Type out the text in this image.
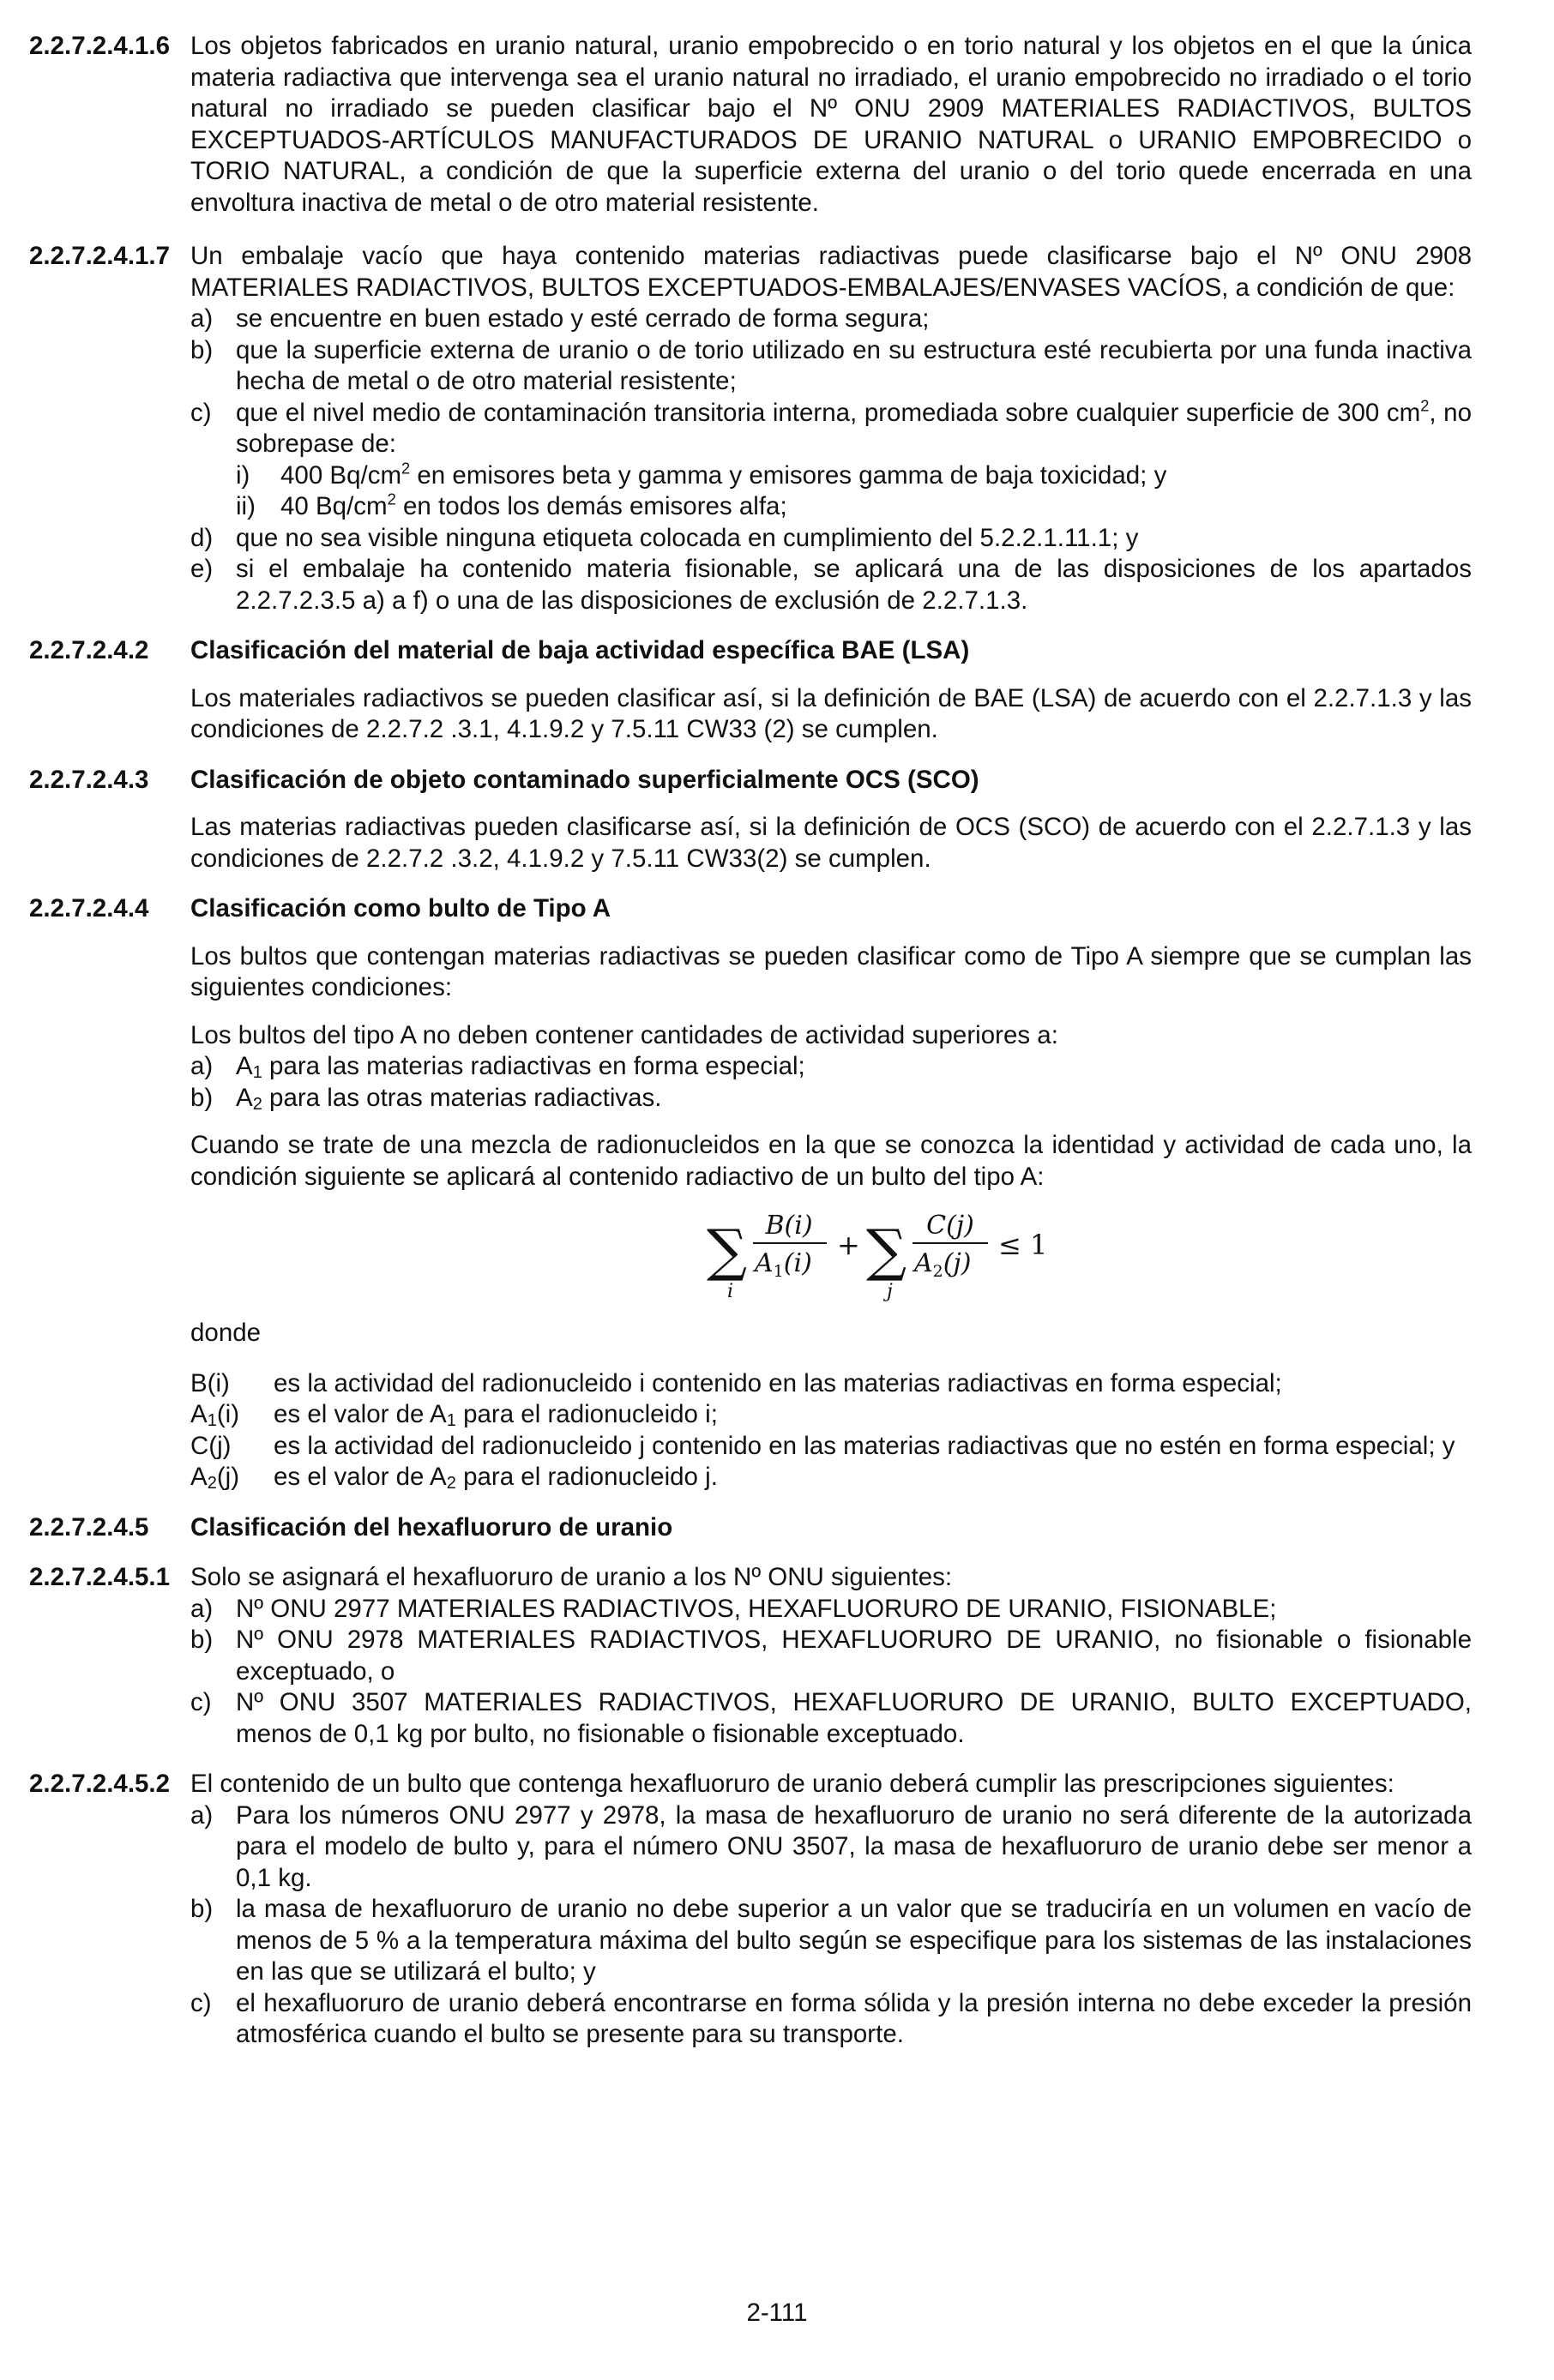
2.2.7.2.4.1.6 Los objetos fabricados en uranio natural, uranio empobrecido o en torio natural y los objetos en el que la única materia radiactiva que intervenga sea el uranio natural no irradiado, el uranio empobrecido no irradiado o el torio natural no irradiado se pueden clasificar bajo el Nº ONU 2909 MATERIALES RADIACTIVOS, BULTOS EXCEPTUADOS-ARTÍCULOS MANUFACTURADOS DE URANIO NATURAL o URANIO EMPOBRECIDO o TORIO NATURAL, a condición de que la superficie externa del uranio o del torio quede encerrada en una envoltura inactiva de metal o de otro material resistente.
2.2.7.2.4.1.7 Un embalaje vacío que haya contenido materias radiactivas puede clasificarse bajo el Nº ONU 2908 MATERIALES RADIACTIVOS, BULTOS EXCEPTUADOS-EMBALAJES/ENVASES VACÍOS, a condición de que:
a) se encuentre en buen estado y esté cerrado de forma segura;
b) que la superficie externa de uranio o de torio utilizado en su estructura esté recubierta por una funda inactiva hecha de metal o de otro material resistente;
c) que el nivel medio de contaminación transitoria interna, promediada sobre cualquier superficie de 300 $cm^2$, no sobrepase de:
i)	400 $Bq/cm^2$ en emisores beta y gamma y emisores gamma de baja toxicidad; y
ii) 40 $Bq/cm^2$ en todos los demás emisores alfa;
d) que no sea visible ninguna etiqueta colocada en cumplimiento del 5.2.2.1.11.1; y
e) si el embalaje ha contenido materia fisionable, se aplicará una de las disposiciones de los apartados 2.2.7.2.3.5 a) a f) o una de las disposiciones de exclusión de 2.2.7.1.3.
2.2.7.2.4.2	Clasificación del material de baja actividad específica BAE (LSA)
Los materiales radiactivos se pueden clasificar así, si la definición de BAE (LSA) de acuerdo con el 2.2.7.1.3 y las condiciones de 2.2.7.2 .3.1, 4.1.9.2 y 7.5.11 CW33 (2) se cumplen.
2.2.7.2.4.3	Clasificación de objeto contaminado superficialmente OCS (SCO)
Las materias radiactivas pueden clasificarse así, si la definición de OCS (SCO) de acuerdo con el 2.2.7.1.3 y las condiciones de 2.2.7.2 .3.2, 4.1.9.2 y 7.5.11 CW33(2) se cumplen.
2.2.7.2.4.4	Clasificación como bulto de Tipo A
Los bultos que contengan materias radiactivas se pueden clasificar como de Tipo A siempre que se cumplan las siguientes condiciones:
Los bultos del tipo A no deben contener cantidades de actividad superiores a:
a) $A_1$ para las materias radiactivas en forma especial;
b) $A_2$ para las otras materias radiactivas.
Cuando se trate de una mezcla de radionucleidos en la que se conozca la identidad y actividad de cada uno, la condición siguiente se aplicará al contenido radiactivo de un bulto del tipo A:
∑
i
B(i)
$A_1(i)$
+ ∑
j
C(j)
$A_2(j)$
≤ 1
donde
B(i)	es la actividad del radionucleido i contenido en las materias radiactivas en forma especial;
$A_1(i)$	es el valor de $A_1$ para el radionucleido i;
C(j)	es la actividad del radionucleido j contenido en las materias radiactivas que no estén en forma especial; y
$A_2(j)$	es el valor de $A_2$ para el radionucleido j.
2.2.7.2.4.5	Clasificación del hexafluoruro de uranio
2.2.7.2.4.5.1 Solo se asignará el hexafluoruro de uranio a los Nº ONU siguientes:
a) Nº ONU 2977 MATERIALES RADIACTIVOS, HEXAFLUORURO DE URANIO, FISIONABLE;
b) Nº ONU 2978 MATERIALES RADIACTIVOS, HEXAFLUORURO DE URANIO, no fisionable o fisionable exceptuado, o
c) Nº ONU 3507 MATERIALES RADIACTIVOS, HEXAFLUORURO DE URANIO, BULTO EXCEPTUADO, menos de 0,1 kg por bulto, no fisionable o fisionable exceptuado.
2.2.7.2.4.5.2 El contenido de un bulto que contenga hexafluoruro de uranio deberá cumplir las prescripciones siguientes:
a) Para los números ONU 2977 y 2978, la masa de hexafluoruro de uranio no será diferente de la autorizada para el modelo de bulto y, para el número ONU 3507, la masa de hexafluoruro de uranio debe ser menor a 0,1 kg.
b) la masa de hexafluoruro de uranio no debe superior a un valor que se traduciría en un volumen en vacío de menos de 5 % a la temperatura máxima del bulto según se especifique para los sistemas de las instalaciones en las que se utilizará el bulto; y
c) el hexafluoruro de uranio deberá encontrarse en forma sólida y la presión interna no debe exceder la presión atmosférica cuando el bulto se presente para su transporte.
2-111
